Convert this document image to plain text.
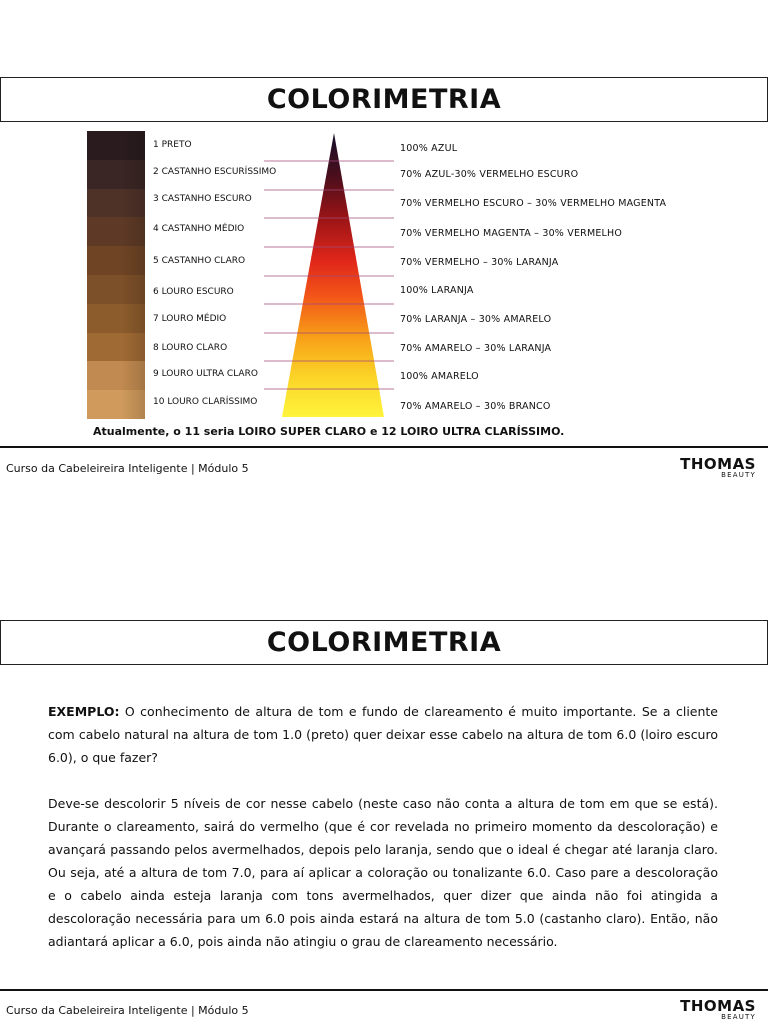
COLORIMETRIA
1 PRETO
2 CASTANHO ESCURÍSSIMO
3 CASTANHO ESCURO
4 CASTANHO MÉDIO
5 CASTANHO CLARO
6 LOURO ESCURO
7 LOURO MÉDIO
8 LOURO CLARO
9 LOURO ULTRA CLARO
10 LOURO CLARÍSSIMO
100% AZUL
70% AZUL-30% VERMELHO ESCURO
70% VERMELHO ESCURO – 30% VERMELHO MAGENTA
70% VERMELHO MAGENTA – 30% VERMELHO
70% VERMELHO – 30% LARANJA
100% LARANJA
70% LARANJA – 30% AMARELO
70% AMARELO – 30% LARANJA
100% AMARELO
70% AMARELO – 30% BRANCO
Atualmente, o 11 seria LOIRO SUPER CLARO e 12 LOIRO ULTRA CLARÍSSIMO.
Curso da Cabeleireira Inteligente | Módulo 5	THOMAS
BEAUTY
COLORIMETRIA
EXEMPLO: O conhecimento de altura de tom e fundo de clareamento é muito importante. Se a cliente com cabelo natural na altura de tom 1.0 (preto) quer deixar esse cabelo na altura de tom 6.0 (loiro escuro 6.0), o que fazer?
Deve-se descolorir 5 níveis de cor nesse cabelo (neste caso não conta a altura de tom em que se está). Durante o clareamento, sairá do vermelho (que é cor revelada no primeiro momento da descoloração) e avançará passando pelos avermelhados, depois pelo laranja, sendo que o ideal é chegar até laranja claro. Ou seja, até a altura de tom 7.0, para aí aplicar a coloração ou tonalizante 6.0. Caso pare a descoloração e o cabelo ainda esteja laranja com tons avermelhados, quer dizer que ainda não foi atingida a descoloração necessária para um 6.0 pois ainda estará na altura de tom 5.0 (castanho claro). Então, não adiantará aplicar a 6.0, pois ainda não atingiu o grau de clareamento necessário.
Curso da Cabeleireira Inteligente | Módulo 5	THOMAS
BEAUTY
